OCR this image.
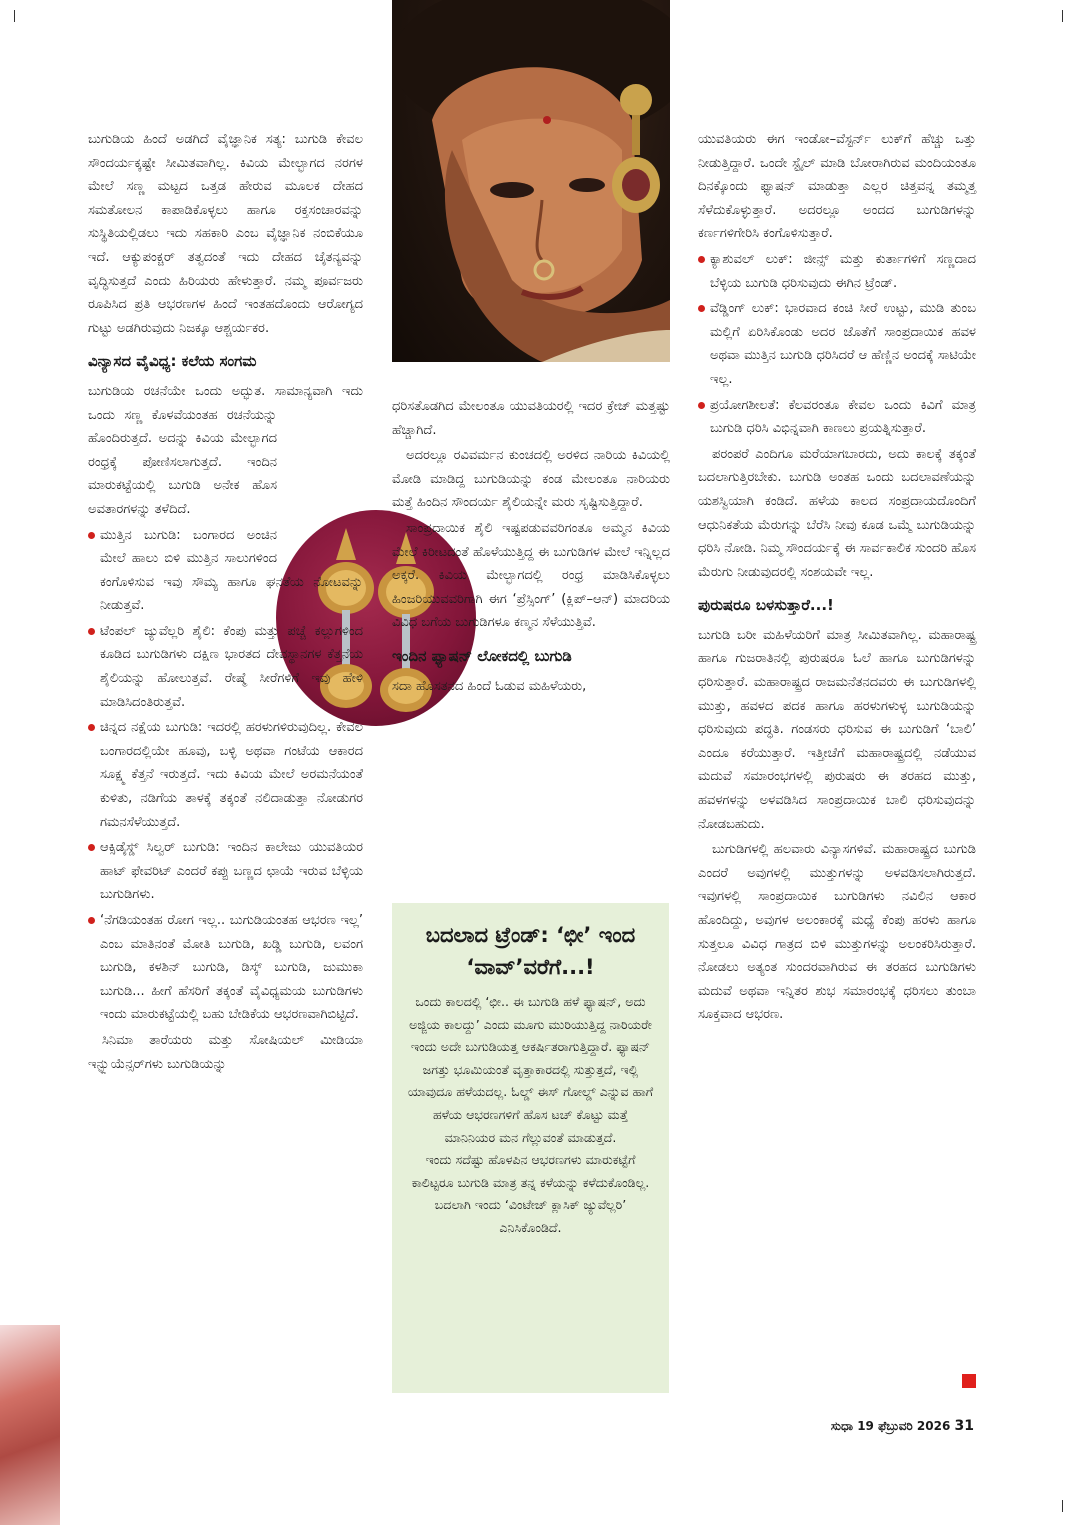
ಬುಗುಡಿಯ ಹಿಂದೆ ಅಡಗಿದೆ ವೈಜ್ಞಾನಿಕ ಸತ್ಯ: ಬುಗುಡಿ ಕೇವಲ ಸೌಂದರ್ಯಕ್ಕಷ್ಟೇ ಸೀಮಿತವಾಗಿಲ್ಲ. ಕಿವಿಯ ಮೇಲ್ಭಾಗದ ನರಗಳ ಮೇಲೆ ಸಣ್ಣ ಮಟ್ಟದ ಒತ್ತಡ ಹೇರುವ ಮೂಲಕ ದೇಹದ ಸಮತೋಲನ ಕಾಪಾಡಿಕೊಳ್ಳಲು ಹಾಗೂ ರಕ್ತಸಂಚಾರವನ್ನು ಸುಸ್ಥಿತಿಯಲ್ಲಿಡಲು ಇದು ಸಹಕಾರಿ ಎಂಬ ವೈಜ್ಞಾನಿಕ ನಂಬಿಕೆಯೂ ಇದೆ. ಆಕ್ಯುಪಂಕ್ಚರ್ ತತ್ವದಂತೆ ಇದು ದೇಹದ ಚೈತನ್ಯವನ್ನು ವೃದ್ಧಿಸುತ್ತದೆ ಎಂದು ಹಿರಿಯರು ಹೇಳುತ್ತಾರೆ. ನಮ್ಮ ಪೂರ್ವಜರು ರೂಪಿಸಿದ ಪ್ರತಿ ಆಭರಣಗಳ ಹಿಂದೆ ಇಂತಹದೊಂದು ಆರೋಗ್ಯದ ಗುಟ್ಟು ಅಡಗಿರುವುದು ನಿಜಕ್ಕೂ ಆಶ್ಚರ್ಯಕರ.

ವಿನ್ಯಾಸದ ವೈವಿಧ್ಯ: ಕಲೆಯ ಸಂಗಮ

ಬುಗುಡಿಯ ರಚನೆಯೇ ಒಂದು ಅದ್ಭುತ. ಸಾಮಾನ್ಯವಾಗಿ ಇದು ಒಂದು ಸಣ್ಣ ಕೊಳವೆಯಂತಹ ರಚನೆಯನ್ನು ಹೊಂದಿರುತ್ತದೆ. ಅದನ್ನು ಕಿವಿಯ ಮೇಲ್ಭಾಗದ ರಂಧ್ರಕ್ಕೆ ಪೋಣಿಸಲಾಗುತ್ತದೆ. ಇಂದಿನ ಮಾರುಕಟ್ಟೆಯಲ್ಲಿ ಬುಗುಡಿ ಅನೇಕ ಹೊಸ ಅವತಾರಗಳನ್ನು ತಳೆದಿದೆ.

ಮುತ್ತಿನ ಬುಗುಡಿ: ಬಂಗಾರದ ಅಂಚಿನ ಮೇಲೆ ಹಾಲು ಬಿಳಿ ಮುತ್ತಿನ ಸಾಲುಗಳಿಂದ ಕಂಗೊಳಿಸುವ ಇವು ಸೌಮ್ಯ ಹಾಗೂ ಘನತೆಯ ನೋಟವನ್ನು ನೀಡುತ್ತವೆ.
ಟೆಂಪಲ್ ಜ್ಯುವೆಲ್ಲರಿ ಶೈಲಿ: ಕೆಂಪು ಮತ್ತು ಪಚ್ಚೆ ಕಲ್ಲುಗಳಿಂದ ಕೂಡಿದ ಬುಗುಡಿಗಳು ದಕ್ಷಿಣ ಭಾರತದ ದೇವಸ್ಥಾನಗಳ ಕೆತ್ತನೆಯ ಶೈಲಿಯನ್ನು ಹೋಲುತ್ತವೆ. ರೇಷ್ಮೆ ಸೀರೆಗಳಿಗೆ ಇವು ಹೇಳಿ ಮಾಡಿಸಿದಂತಿರುತ್ತವೆ.
ಚಿನ್ನದ ನಕ್ಷೆಯ ಬುಗುಡಿ: ಇದರಲ್ಲಿ ಹರಳುಗಳಿರುವುದಿಲ್ಲ. ಕೇವಲ ಬಂಗಾರದಲ್ಲಿಯೇ ಹೂವು, ಬಳ್ಳಿ ಅಥವಾ ಗಂಟೆಯ ಆಕಾರದ ಸೂಕ್ಷ್ಮ ಕೆತ್ತನೆ ಇರುತ್ತದೆ. ಇದು ಕಿವಿಯ ಮೇಲೆ ಅರಮನೆಯಂತೆ ಕುಳಿತು, ನಡಿಗೆಯ ತಾಳಕ್ಕೆ ತಕ್ಕಂತೆ ನಲಿದಾಡುತ್ತಾ ನೋಡುಗರ ಗಮನಸೆಳೆಯುತ್ತದೆ.
ಆಕ್ಸಿಡೈಸ್ಡ್ ಸಿಲ್ವರ್ ಬುಗುಡಿ: ಇಂದಿನ ಕಾಲೇಜು ಯುವತಿಯರ ಹಾಟ್ ಫೇವರಿಟ್ ಎಂದರೆ ಕಪ್ಪು ಬಣ್ಣದ ಛಾಯೆ ಇರುವ ಬೆಳ್ಳಿಯ ಬುಗುಡಿಗಳು.
‘ನೆಗಡಿಯಂತಹ ರೋಗ ಇಲ್ಲ.. ಬುಗುಡಿಯಂತಹ ಆಭರಣ ಇಲ್ಲ’ ಎಂಬ ಮಾತಿನಂತೆ ಮೋತಿ ಬುಗುಡಿ, ಖಡ್ಡಿ ಬುಗುಡಿ, ಲವಂಗ ಬುಗುಡಿ, ಕಳಶಿನ್ ಬುಗುಡಿ, ಡಿಸ್ಕ್ ಬುಗುಡಿ, ಜುಮುಕಾ ಬುಗುಡಿ... ಹೀಗೆ ಹೆಸರಿಗೆ ತಕ್ಕಂತೆ ವೈವಿಧ್ಯಮಯ ಬುಗುಡಿಗಳು ಇಂದು ಮಾರುಕಟ್ಟೆಯಲ್ಲಿ ಬಹು ಬೇಡಿಕೆಯ ಆಭರಣವಾಗಿಬಿಟ್ಟಿದೆ.

ಸಿನಿಮಾ ತಾರೆಯರು ಮತ್ತು ಸೋಷಿಯಲ್ ಮೀಡಿಯಾ ಇನ್ಫ್ಲುಯೆನ್ಸರ್‌ಗಳು ಬುಗುಡಿಯನ್ನು

ಧರಿಸತೊಡಗಿದ ಮೇಲಂತೂ ಯುವತಿಯರಲ್ಲಿ ಇದರ ಕ್ರೇಜ್ ಮತ್ತಷ್ಟು ಹೆಚ್ಚಾಗಿದೆ.

ಅದರಲ್ಲೂ ರವಿವರ್ಮನ ಕುಂಚದಲ್ಲಿ ಅರಳಿದ ನಾರಿಯ ಕಿವಿಯಲ್ಲಿ ಮೋಡಿ ಮಾಡಿದ್ದ ಬುಗುಡಿಯನ್ನು ಕಂಡ ಮೇಲಂತೂ ನಾರಿಯರು ಮತ್ತೆ ಹಿಂದಿನ ಸೌಂದರ್ಯ ಶೈಲಿಯನ್ನೇ ಮರು ಸೃಷ್ಟಿಸುತ್ತಿದ್ದಾರೆ.

ಸಾಂಪ್ರದಾಯಿಕ ಶೈಲಿ ಇಷ್ಟಪಡುವವರಿಗಂತೂ ಅಮ್ಮನ ಕಿವಿಯ ಮೇಲೆ ಕಿರೀಟದಂತೆ ಹೊಳೆಯುತ್ತಿದ್ದ ಈ ಬುಗುಡಿಗಳ ಮೇಲೆ ಇನ್ನಿಲ್ಲದ ಅಕ್ಕರೆ. ಕಿವಿಯ ಮೇಲ್ಭಾಗದಲ್ಲಿ ರಂಧ್ರ ಮಾಡಿಸಿಕೊಳ್ಳಲು ಹಿಂಜರಿಯುವವರಿಗಾಗಿ ಈಗ ‘ಪ್ರೆಸ್ಸಿಂಗ್’ (ಕ್ಲಿಪ್–ಆನ್) ಮಾದರಿಯ ವಿವಿಧ ಬಗೆಯ ಬುಗುಡಿಗಳೂ ಕಣ್ಮನ ಸೆಳೆಯುತ್ತಿವೆ.

ಇಂದಿನ ಫ್ಯಾಷನ್ ಲೋಕದಲ್ಲಿ ಬುಗುಡಿ

ಸದಾ ಹೊಸತನದ ಹಿಂದೆ ಓಡುವ ಮಹಿಳೆಯರು,

ಬದಲಾದ ಟ್ರೆಂಡ್: ‘ಛೀ’ ಇಂದ ‘ವಾವ್’ವರೆಗೆ...!
ಒಂದು ಕಾಲದಲ್ಲಿ ‘ಛೀ.. ಈ ಬುಗುಡಿ ಹಳೆ ಫ್ಯಾಷನ್, ಅದು ಅಜ್ಜಿಯ ಕಾಲದ್ದು’ ಎಂದು ಮೂಗು ಮುರಿಯುತ್ತಿದ್ದ ನಾರಿಯರೇ ಇಂದು ಅದೇ ಬುಗುಡಿಯತ್ತ ಆಕರ್ಷಿತರಾಗುತ್ತಿದ್ದಾರೆ. ಫ್ಯಾಷನ್ ಜಗತ್ತು ಭೂಮಿಯಂತೆ ವೃತ್ತಾಕಾರದಲ್ಲಿ ಸುತ್ತುತ್ತದೆ, ಇಲ್ಲಿ ಯಾವುದೂ ಹಳೆಯದಲ್ಲ. ಓಲ್ಡ್ ಈಸ್ ಗೋಲ್ಡ್ ಎನ್ನುವ ಹಾಗೆ ಹಳೆಯ ಆಭರಣಗಳಿಗೆ ಹೊಸ ಟಚ್ ಕೊಟ್ಟು ಮತ್ತೆ ಮಾನಿನಿಯರ ಮನ ಗೆಲ್ಲುವಂತೆ ಮಾಡುತ್ತದೆ.
ಇಂದು ಸದೆಷ್ಟು ಹೊಳಪಿನ ಆಭರಣಗಳು ಮಾರುಕಟ್ಟೆಗೆ ಕಾಲಿಟ್ಟರೂ ಬುಗುಡಿ ಮಾತ್ರ ತನ್ನ ಕಳೆಯನ್ನು ಕಳೆದುಕೊಂಡಿಲ್ಲ. ಬದಲಾಗಿ ಇಂದು ‘ವಿಂಟೇಜ್ ಕ್ಲಾಸಿಕ್ ಜ್ಯುವೆಲ್ಲರಿ’ ಎನಿಸಿಕೊಂಡಿದೆ.

ಯುವತಿಯರು ಈಗ ಇಂಡೋ–ವೆಸ್ಟರ್ನ್ ಲುಕ್‌ಗೆ ಹೆಚ್ಚು ಒತ್ತು ನೀಡುತ್ತಿದ್ದಾರೆ. ಒಂದೇ ಸ್ಟೈಲ್ ಮಾಡಿ ಬೋರಾಗಿರುವ ಮಂದಿಯಂತೂ ದಿನಕ್ಕೊಂದು ಫ್ಯಾಷನ್ ಮಾಡುತ್ತಾ ಎಲ್ಲರ ಚಿತ್ತವನ್ನ ತಮ್ಮತ್ತ ಸೆಳೆದುಕೊಳ್ಳುತ್ತಾರೆ. ಅದರಲ್ಲೂ ಅಂದದ ಬುಗುಡಿಗಳನ್ನು ಕರ್ಣಗಳಿಗೇರಿಸಿ ಕಂಗೊಳಿಸುತ್ತಾರೆ.

ಕ್ಯಾಶುವಲ್ ಲುಕ್: ಜೀನ್ಸ್ ಮತ್ತು ಕುರ್ತಾಗಳಿಗೆ ಸಣ್ಣದಾದ ಬೆಳ್ಳಿಯ ಬುಗುಡಿ ಧರಿಸುವುದು ಈಗಿನ ಟ್ರೆಂಡ್.
ವೆಡ್ಡಿಂಗ್ ಲುಕ್: ಭಾರವಾದ ಕಂಚಿ ಸೀರೆ ಉಟ್ಟು, ಮುಡಿ ತುಂಬ ಮಲ್ಲಿಗೆ ಏರಿಸಿಕೊಂಡು ಅದರ ಜೊತೆಗೆ ಸಾಂಪ್ರದಾಯಿಕ ಹವಳ ಅಥವಾ ಮುತ್ತಿನ ಬುಗುಡಿ ಧರಿಸಿದರೆ ಆ ಹೆಣ್ಣಿನ ಅಂದಕ್ಕೆ ಸಾಟಿಯೇ ಇಲ್ಲ.
ಪ್ರಯೋಗಶೀಲತೆ: ಕೆಲವರಂತೂ ಕೇವಲ ಒಂದು ಕಿವಿಗೆ ಮಾತ್ರ ಬುಗುಡಿ ಧರಿಸಿ ವಿಭಿನ್ನವಾಗಿ ಕಾಣಲು ಪ್ರಯತ್ನಿಸುತ್ತಾರೆ.

ಪರಂಪರೆ ಎಂದಿಗೂ ಮರೆಯಾಗಬಾರದು, ಅದು ಕಾಲಕ್ಕೆ ತಕ್ಕಂತೆ ಬದಲಾಗುತ್ತಿರಬೇಕು. ಬುಗುಡಿ ಅಂತಹ ಒಂದು ಬದಲಾವಣೆಯನ್ನು ಯಶಸ್ವಿಯಾಗಿ ಕಂಡಿದೆ. ಹಳೆಯ ಕಾಲದ ಸಂಪ್ರದಾಯದೊಂದಿಗೆ ಆಧುನಿಕತೆಯ ಮೆರುಗನ್ನು ಬೆರೆಸಿ ನೀವು ಕೂಡ ಒಮ್ಮೆ ಬುಗುಡಿಯನ್ನು ಧರಿಸಿ ನೋಡಿ. ನಿಮ್ಮ ಸೌಂದರ್ಯಕ್ಕೆ ಈ ಸಾರ್ವಕಾಲಿಕ ಸುಂದರಿ ಹೊಸ ಮೆರುಗು ನೀಡುವುದರಲ್ಲಿ ಸಂಶಯವೇ ಇಲ್ಲ.

ಪುರುಷರೂ ಬಳಸುತ್ತಾರೆ...!

ಬುಗುಡಿ ಬರೀ ಮಹಿಳೆಯರಿಗೆ ಮಾತ್ರ ಸೀಮಿತವಾಗಿಲ್ಲ. ಮಹಾರಾಷ್ಟ್ರ ಹಾಗೂ ಗುಜರಾತಿನಲ್ಲಿ ಪುರುಷರೂ ಓಲೆ ಹಾಗೂ ಬುಗುಡಿಗಳನ್ನು ಧರಿಸುತ್ತಾರೆ. ಮಹಾರಾಷ್ಟ್ರದ ರಾಜಮನೆತನದವರು ಈ ಬುಗುಡಿಗಳಲ್ಲಿ ಮುತ್ತು, ಹವಳದ ಪದಕ ಹಾಗೂ ಹರಳುಗಳುಳ್ಳ ಬುಗುಡಿಯನ್ನು ಧರಿಸುವುದು ಪದ್ಧತಿ. ಗಂಡಸರು ಧರಿಸುವ ಈ ಬುಗುಡಿಗೆ ‘ಬಾಲಿ’ ಎಂದೂ ಕರೆಯುತ್ತಾರೆ. ಇತ್ತೀಚೆಗೆ ಮಹಾರಾಷ್ಟ್ರದಲ್ಲಿ ನಡೆಯುವ ಮದುವೆ ಸಮಾರಂಭಗಳಲ್ಲಿ ಪುರುಷರು ಈ ತರಹದ ಮುತ್ತು, ಹವಳಗಳನ್ನು ಅಳವಡಿಸಿದ ಸಾಂಪ್ರದಾಯಿಕ ಬಾಲಿ ಧರಿಸುವುದನ್ನು ನೋಡಬಹುದು.

ಬುಗುಡಿಗಳಲ್ಲಿ ಹಲವಾರು ವಿನ್ಯಾಸಗಳಿವೆ. ಮಹಾರಾಷ್ಟ್ರದ ಬುಗುಡಿ ಎಂದರೆ ಅವುಗಳಲ್ಲಿ ಮುತ್ತುಗಳನ್ನು ಅಳವಡಿಸಲಾಗಿರುತ್ತದೆ. ಇವುಗಳಲ್ಲಿ ಸಾಂಪ್ರದಾಯಿಕ ಬುಗುಡಿಗಳು ನವಿಲಿನ ಆಕಾರ ಹೊಂದಿದ್ದು, ಅವುಗಳ ಅಲಂಕಾರಕ್ಕೆ ಮಧ್ಯೆ ಕೆಂಪು ಹರಳು ಹಾಗೂ ಸುತ್ತಲೂ ವಿವಿಧ ಗಾತ್ರದ ಬಿಳಿ ಮುತ್ತುಗಳನ್ನು ಅಲಂಕರಿಸಿರುತ್ತಾರೆ. ನೋಡಲು ಅತ್ಯಂತ ಸುಂದರವಾಗಿರುವ ಈ ತರಹದ ಬುಗುಡಿಗಳು ಮದುವೆ ಅಥವಾ ಇನ್ನಿತರ ಶುಭ ಸಮಾರಂಭಕ್ಕೆ ಧರಿಸಲು ತುಂಬಾ ಸೂಕ್ತವಾದ ಆಭರಣ.

ಸುಧಾ 19 ಫೆಬ್ರುವರಿ 2026 31
